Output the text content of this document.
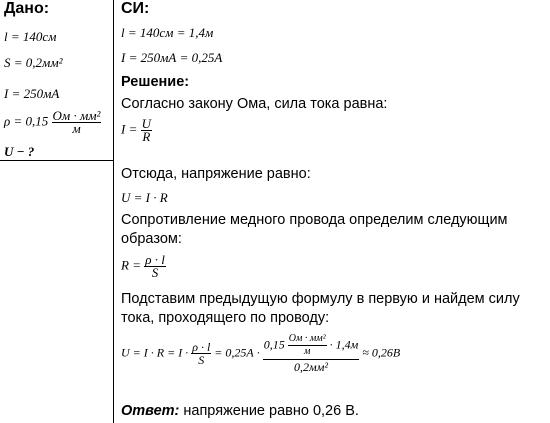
Дано:
l = 140см
S = 0,2мм²
I = 250мА
$\rho = 0,15 \frac{\text{Ом · мм²}}{м}$
U − ?
СИ:
l = 140см = 1,4м
I = 250мА = 0,25А
Решение:
Согласно закону Ома, сила тока равна:
$I = \frac{U}{R}$
Отсюда, напряжение равно:
U = I · R
Сопротивление медного провода определим следующим
образом:
$R = \frac{\rho \cdot l}{S}$
Подставим предыдущую формулу в первую и найдем силу
тока, проходящего по проводу:
$U = I \cdot R = I \cdot \frac{\rho \cdot l}{S} = 0,25А$ ·
$0,15 \frac{\text{Ом · мм²}}{м} \cdot 1,4м$
0,2мм²
≈ 0,26В
Ответ: напряжение равно 0,26 В.
